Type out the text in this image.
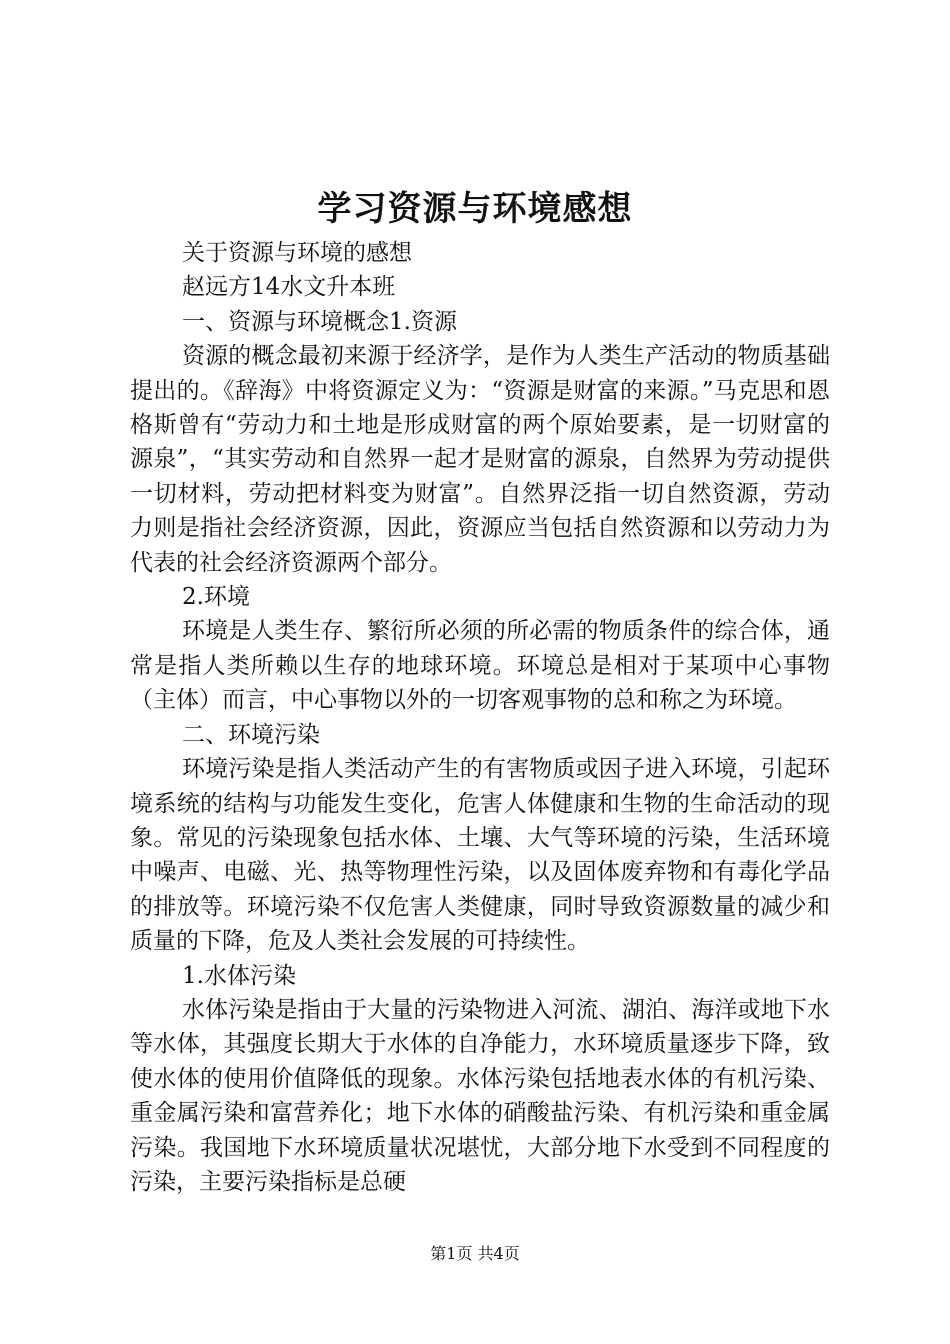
学习资源与环境感想

关于资源与环境的感想

赵远方14水文升本班

一、资源与环境概念1.资源

资源的概念最初来源于经济学，是作为人类生产活动的物质基础提出的。《辞海》中将资源定义为：“资源是财富的来源。”马克思和恩格斯曾有“劳动力和土地是形成财富的两个原始要素，是一切财富的源泉”，“其实劳动和自然界一起才是财富的源泉，自然界为劳动提供一切材料，劳动把材料变为财富”。自然界泛指一切自然资源，劳动力则是指社会经济资源，因此，资源应当包括自然资源和以劳动力为代表的社会经济资源两个部分。

2.环境

环境是人类生存、繁衍所必须的所必需的物质条件的综合体，通常是指人类所赖以生存的地球环境。环境总是相对于某项中心事物（主体）而言，中心事物以外的一切客观事物的总和称之为环境。

二、环境污染

环境污染是指人类活动产生的有害物质或因子进入环境，引起环境系统的结构与功能发生变化，危害人体健康和生物的生命活动的现象。常见的污染现象包括水体、土壤、大气等环境的污染，生活环境中噪声、电磁、光、热等物理性污染，以及固体废弃物和有毒化学品的排放等。环境污染不仅危害人类健康，同时导致资源数量的减少和质量的下降，危及人类社会发展的可持续性。

1.水体污染

水体污染是指由于大量的污染物进入河流、湖泊、海洋或地下水等水体，其强度长期大于水体的自净能力，水环境质量逐步下降，致使水体的使用价值降低的现象。水体污染包括地表水体的有机污染、重金属污染和富营养化；地下水体的硝酸盐污染、有机污染和重金属污染。我国地下水环境质量状况堪忧，大部分地下水受到不同程度的污染，主要污染指标是总硬

第1页 共4页
